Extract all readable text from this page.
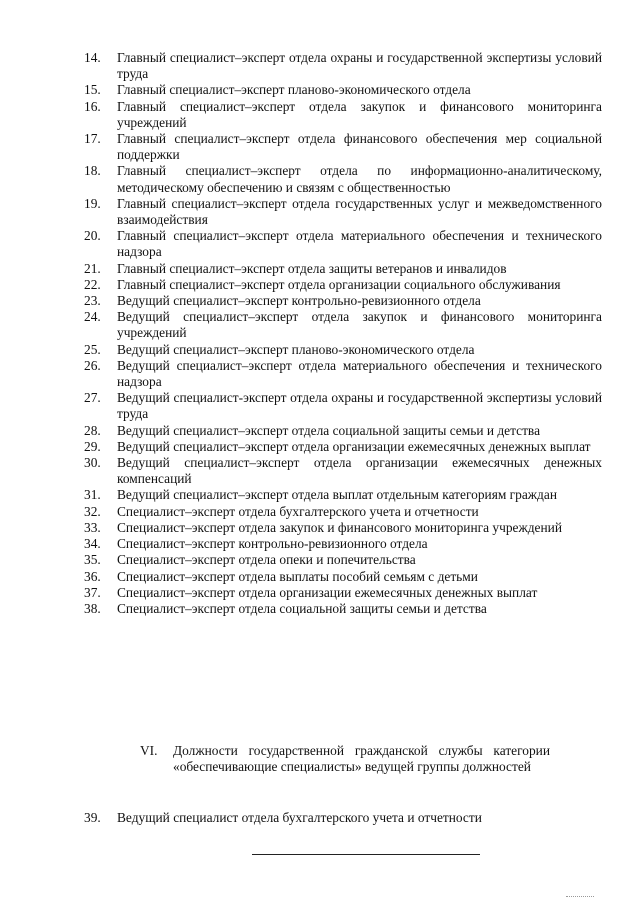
14.	Главный специалист–эксперт отдела охраны и государственной экспертизы условий труда
15.	Главный специалист–эксперт планово-экономического отдела
16.	Главный специалист–эксперт отдела закупок и финансового мониторинга учреждений
17.	Главный специалист–эксперт отдела финансового обеспечения мер социальной поддержки
18.	Главный специалист–эксперт отдела по информационно-аналитическому, методическому обеспечению и связям с общественностью
19.	Главный специалист–эксперт отдела государственных услуг и межведомственного взаимодействия
20.	Главный специалист–эксперт отдела материального обеспечения и технического надзора
21.	Главный специалист–эксперт отдела защиты ветеранов и инвалидов
22.	Главный специалист–эксперт отдела организации социального обслуживания
23.	Ведущий специалист–эксперт контрольно-ревизионного отдела
24.	Ведущий специалист–эксперт отдела закупок и финансового мониторинга учреждений
25.	Ведущий специалист–эксперт планово-экономического отдела
26.	Ведущий специалист–эксперт отдела материального обеспечения и технического надзора
27.	Ведущий специалист-эксперт отдела охраны и государственной экспертизы условий труда
28.	Ведущий специалист–эксперт отдела социальной защиты семьи и детства
29.	Ведущий специалист–эксперт отдела организации ежемесячных денежных выплат
30.	Ведущий специалист–эксперт отдела организации ежемесячных денежных компенсаций
31.	Ведущий специалист–эксперт отдела выплат отдельным категориям граждан
32.	Специалист–эксперт отдела бухгалтерского учета и отчетности
33.	Специалист–эксперт отдела закупок и финансового мониторинга учреждений
34.	Специалист–эксперт контрольно-ревизионного отдела
35.	Специалист–эксперт отдела опеки и попечительства
36.	Специалист–эксперт отдела выплаты пособий семьям с детьми
37.	Специалист–эксперт отдела организации ежемесячных денежных выплат
38.	Специалист–эксперт отдела социальной защиты семьи и детства
VI.	Должности государственной гражданской службы категории «обеспечивающие специалисты» ведущей группы должностей
39.	Ведущий специалист отдела бухгалтерского учета и отчетности
